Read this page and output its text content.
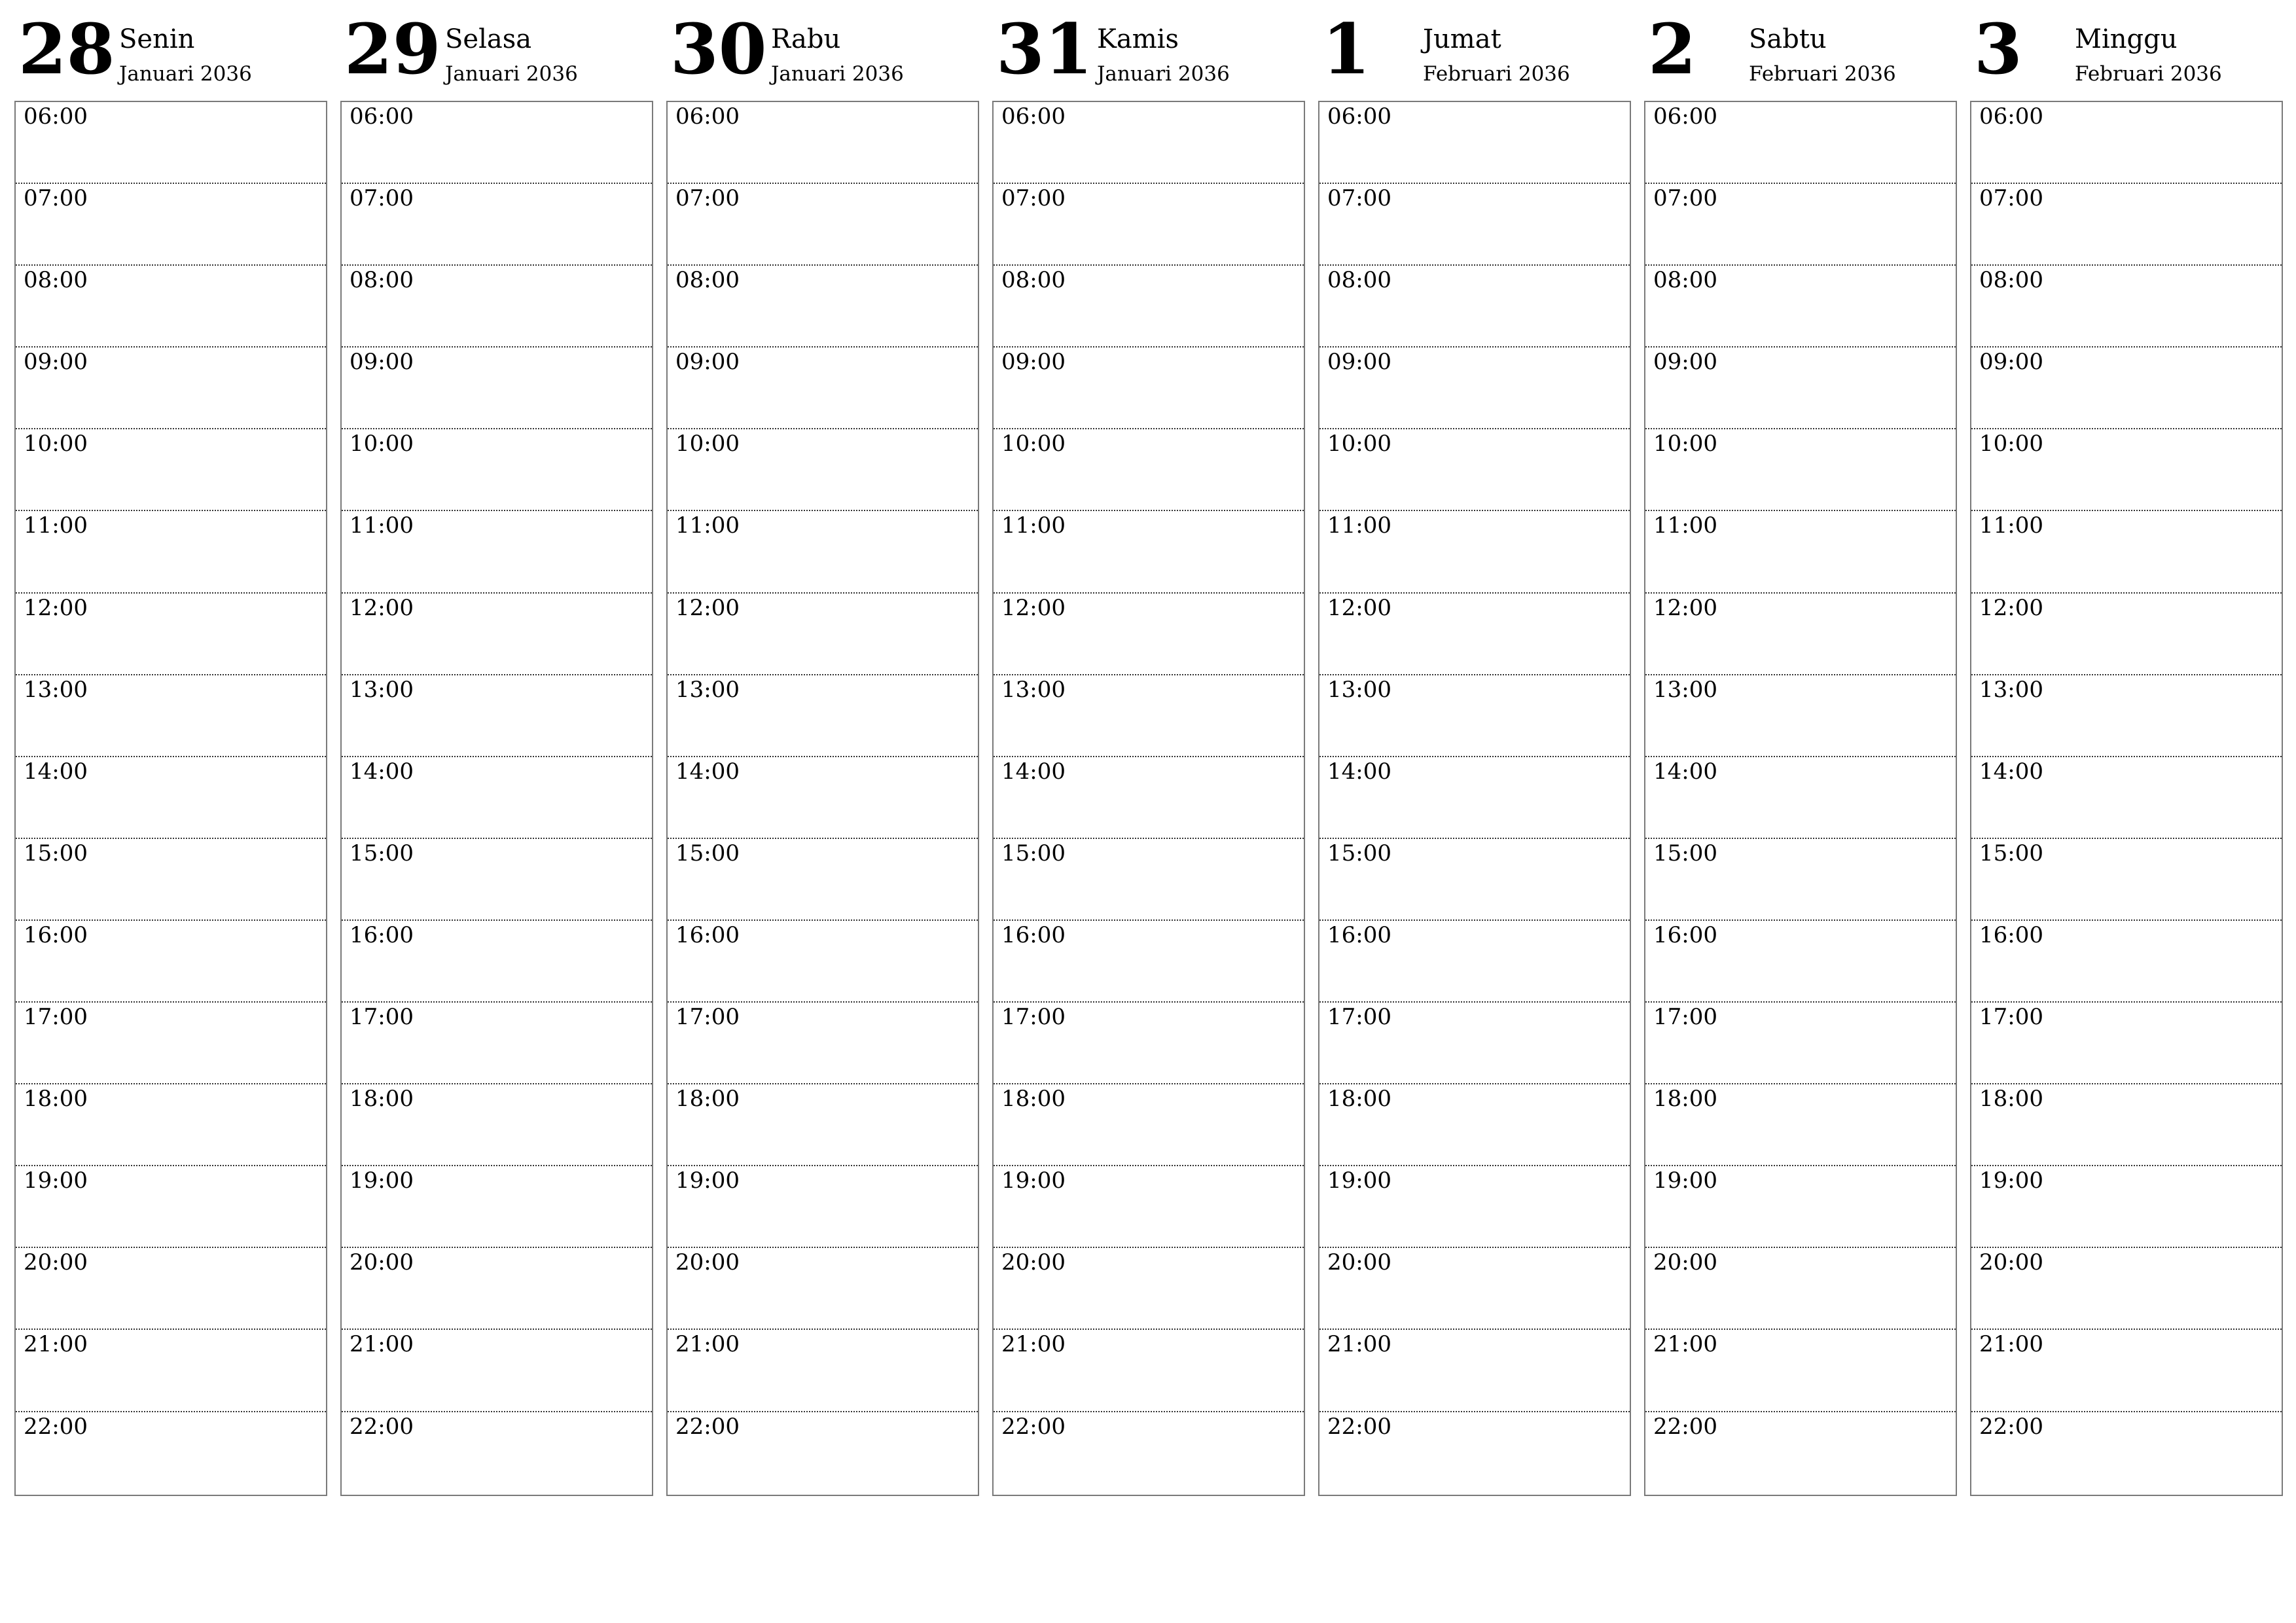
28 Senin
Januari 2036
06:00
07:00
08:00
09:00
10:00
11:00
12:00
13:00
14:00
15:00
16:00
17:00
18:00
19:00
20:00
21:00
22:00
29 Selasa
Januari 2036
06:00
07:00
08:00
09:00
10:00
11:00
12:00
13:00
14:00
15:00
16:00
17:00
18:00
19:00
20:00
21:00
22:00
30 Rabu
Januari 2036
06:00
07:00
08:00
09:00
10:00
11:00
12:00
13:00
14:00
15:00
16:00
17:00
18:00
19:00
20:00
21:00
22:00
31 Kamis
Januari 2036
06:00
07:00
08:00
09:00
10:00
11:00
12:00
13:00
14:00
15:00
16:00
17:00
18:00
19:00
20:00
21:00
22:00
1 Jumat
Februari 2036
06:00
07:00
08:00
09:00
10:00
11:00
12:00
13:00
14:00
15:00
16:00
17:00
18:00
19:00
20:00
21:00
22:00
2 Sabtu
Februari 2036
06:00
07:00
08:00
09:00
10:00
11:00
12:00
13:00
14:00
15:00
16:00
17:00
18:00
19:00
20:00
21:00
22:00
3 Minggu
Februari 2036
06:00
07:00
08:00
09:00
10:00
11:00
12:00
13:00
14:00
15:00
16:00
17:00
18:00
19:00
20:00
21:00
22:00
